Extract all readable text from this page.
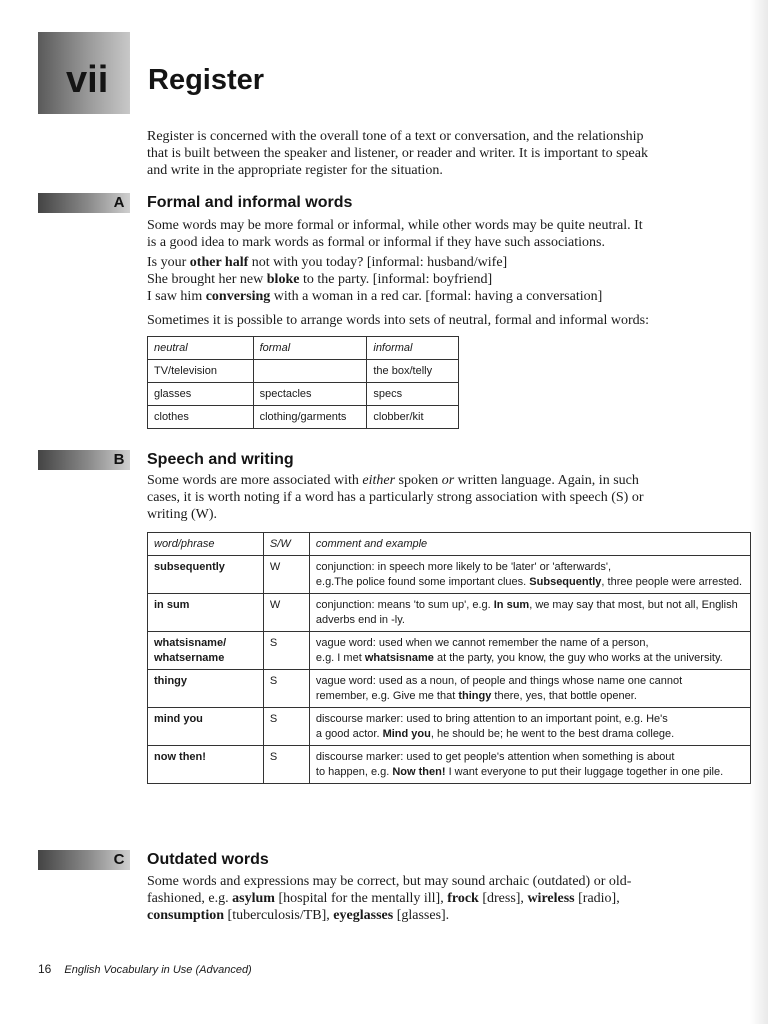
vii Register

Register is concerned with the overall tone of a text or conversation, and the relationship

that is built between the speaker and listener, or reader and writer. It is important to speak

and write in the appropriate register for the situation.

A	Formal and informal words

Some words may be more formal or informal, while other words may be quite neutral. It

is a good idea to mark words as formal or informal if they have such associations.

Is your other half not with you today? [informal: husband/wife]

She brought her new bloke to the party. [informal: boyfriend]

I saw him conversing with a woman in a red car. [formal: having a conversation]

Sometimes it is possible to arrange words into sets of neutral, formal and informal words:
neutral	formal	informal
TV/television		the box/telly
glasses	spectacles	specs
clothes	clothing/garments	clobber/kit
B	Speech and writing

Some words are more associated with either spoken or written language. Again, in such

cases, it is worth noting if a word has a particularly strong association with speech (S) or

writing (W).

word/phrase	S/W	comment and example
subsequently	W	conjunction: in speech more likely to be 'later' or 'afterwards',
e.g.The police found some important clues. Subsequently, three people were arrested.
in sum	W	conjunction: means 'to sum up', e.g. In sum, we may say that most, but not all, English adverbs end in -ly.
whatsisname/
whatsername	S	vague word: used when we cannot remember the name of a person,
e.g. I met whatsisname at the party, you know, the guy who works at the university.
thingy	S	vague word: used as a noun, of people and things whose name one cannot
remember, e.g. Give me that thingy there, yes, that bottle opener.
mind you	S	discourse marker: used to bring attention to an important point, e.g. He's
a good actor. Mind you, he should be; he went to the best drama college.
now then!	S	discourse marker: used to get people's attention when something is about
to happen, e.g. Now then! I want everyone to put their luggage together in one pile.
C	Outdated words

Some words and expressions may be correct, but may sound archaic (outdated) or old-

fashioned, e.g. asylum [hospital for the mentally ill], frock [dress], wireless [radio],

consumption [tuberculosis/TB], eyeglasses [glasses].

16 English Vocabulary in Use (Advanced)
